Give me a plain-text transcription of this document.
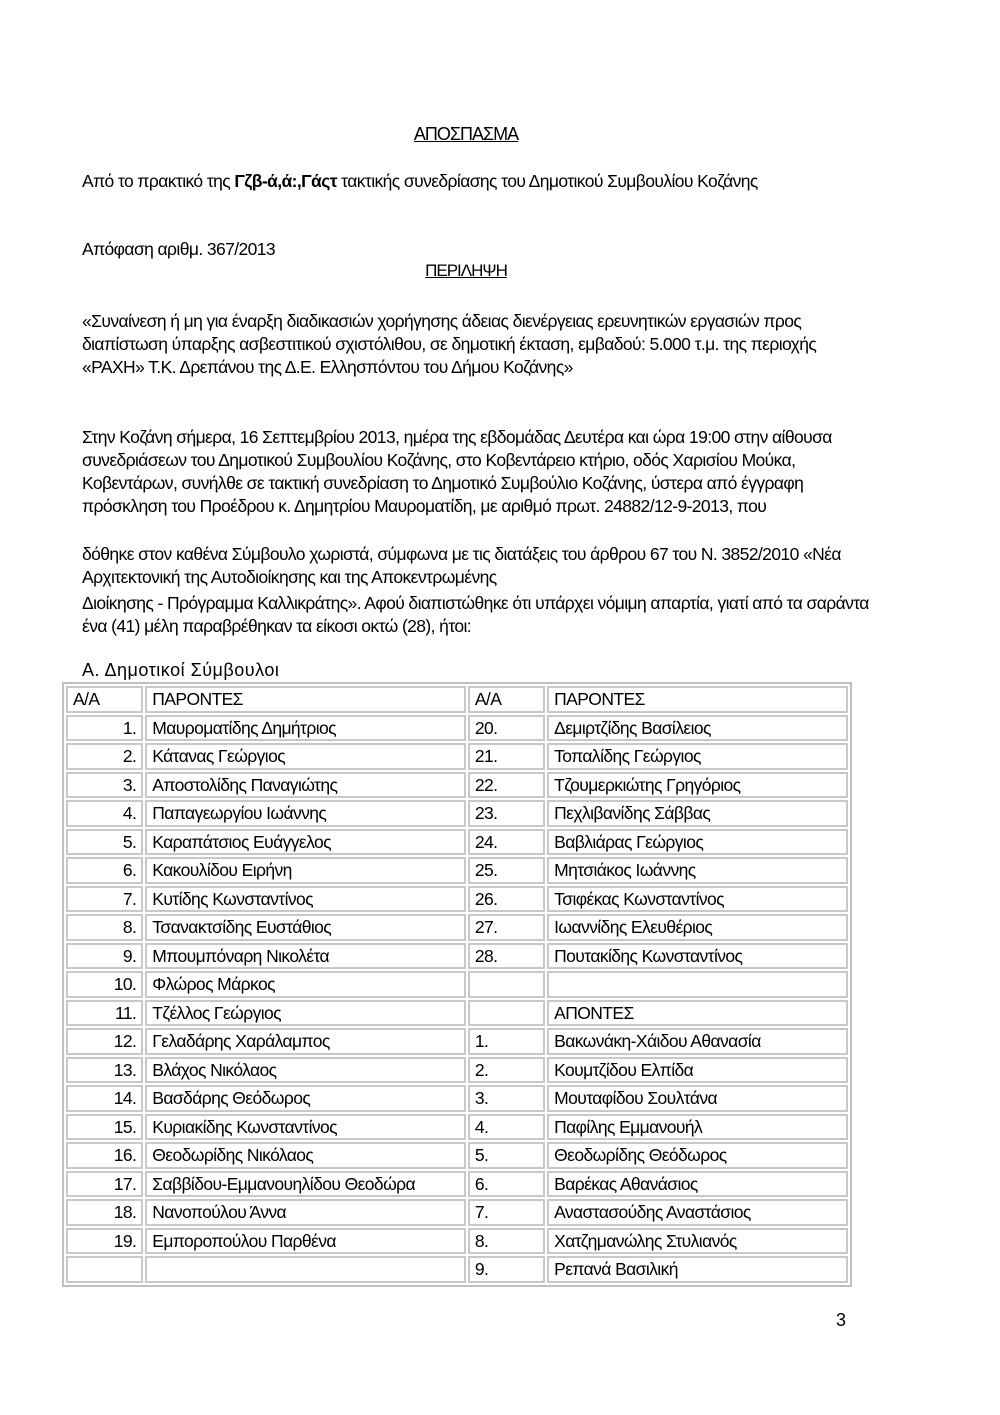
ΑΠΟΣΠΑΣΜΑ
Από το πρακτικό της Γζβ-ά,ά:,Γάςτ τακτικής συνεδρίασης του Δημοτικού Συμβουλίου Κοζάνης
Απόφαση αριθμ. 367/2013
ΠΕΡΙΛΗΨΗ
«Συναίνεση ή μη για έναρξη διαδικασιών χορήγησης άδειας διενέργειας ερευνητικών εργασιών προς διαπίστωση ύπαρξης ασβεστιτικού σχιστόλιθου, σε δημοτική έκταση, εμβαδού: 5.000 τ.μ. της περιοχής «ΡΑΧΗ» Τ.Κ. Δρεπάνου της Δ.Ε. Ελλησπόντου του Δήμου Κοζάνης»
Στην Κοζάνη σήμερα, 16 Σεπτεμβρίου 2013, ημέρα της εβδομάδας Δευτέρα και ώρα 19:00 στην αίθουσα συνεδριάσεων του Δημοτικού Συμβουλίου Κοζάνης, στο Κοβεντάρειο κτήριο, οδός Χαρισίου Μούκα, Κοβεντάρων, συνήλθε σε τακτική συνεδρίαση το Δημοτικό Συμβούλιο Κοζάνης, ύστερα από έγγραφη πρόσκληση του Προέδρου κ. Δημητρίου Μαυροματίδη, με αριθμό πρωτ. 24882/12-9-2013, που
δόθηκε στον καθένα Σύμβουλο χωριστά, σύμφωνα με τις διατάξεις του άρθρου 67 του Ν. 3852/2010 «Νέα Αρχιτεκτονική της Αυτοδιοίκησης και της Αποκεντρωμένης
Διοίκησης - Πρόγραμμα Καλλικράτης». Αφού διαπιστώθηκε ότι υπάρχει νόμιμη απαρτία, γιατί από τα σαράντα ένα (41) μέλη παραβρέθηκαν τα είκοσι οκτώ (28), ήτοι:
Α. Δημοτικοί Σύμβουλοι
Α/Α	ΠΑΡΟΝΤΕΣ	Α/Α	ΠΑΡΟΝΤΕΣ
1.	Μαυροματίδης Δημήτριος	20.	Δεμιρτζίδης Βασίλειος
2.	Κάτανας Γεώργιος	21.	Τοπαλίδης Γεώργιος
3.	Αποστολίδης Παναγιώτης	22.	Τζουμερκιώτης Γρηγόριος
4.	Παπαγεωργίου Ιωάννης	23.	Πεχλιβανίδης Σάββας
5.	Καραπάτσιος Ευάγγελος	24.	Βαβλιάρας Γεώργιος
6.	Κακουλίδου Ειρήνη	25.	Μητσιάκος Ιωάννης
7.	Κυτίδης Κωνσταντίνος	26.	Τσιφέκας Κωνσταντίνος
8.	Τσανακτσίδης Ευστάθιος	27.	Ιωαννίδης Ελευθέριος
9.	Μπουμπόναρη Νικολέτα	28.	Πουτακίδης Κωνσταντίνος
10.	Φλώρος Μάρκος		
11.	Τζέλλος Γεώργιος		ΑΠΟΝΤΕΣ
12.	Γελαδάρης Χαράλαμπος	1.	Βακωνάκη-Χάιδου Αθανασία
13.	Βλάχος Νικόλαος	2.	Κουμτζίδου Ελπίδα
14.	Βασδάρης Θεόδωρος	3.	Μουταφίδου Σουλτάνα
15.	Κυριακίδης Κωνσταντίνος	4.	Παφίλης Εμμανουήλ
16.	Θεοδωρίδης Νικόλαος	5.	Θεοδωρίδης Θεόδωρος
17.	Σαββίδου-Εμμανουηλίδου Θεοδώρα	6.	Βαρέκας Αθανάσιος
18.	Νανοπούλου Άννα	7.	Αναστασούδης Αναστάσιος
19.	Εμποροπούλου Παρθένα	8.	Χατζημανώλης Στυλιανός
		9.	Ρεπανά Βασιλική
3
